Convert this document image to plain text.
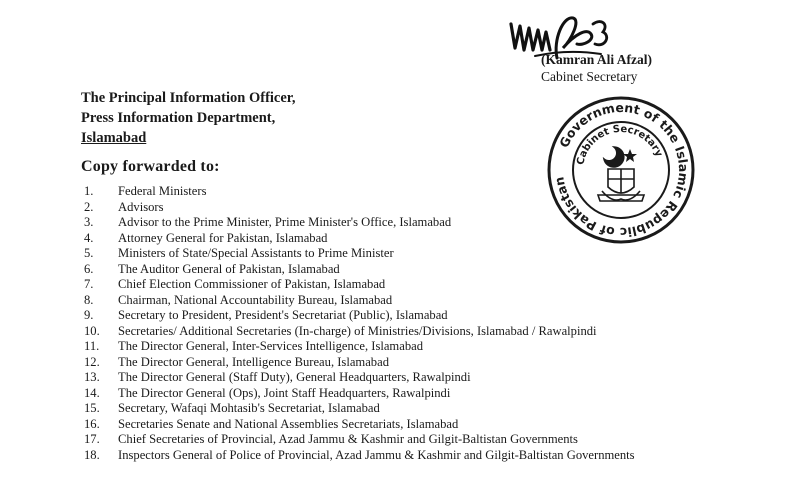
(Kamran Ali Afzal)
Cabinet Secretary
The Principal Information Officer,
Press Information Department,
Islamabad
Copy forwarded to:
1.	Federal Ministers
2.	Advisors
3.	Advisor to the Prime Minister, Prime Minister's Office, Islamabad
4.	Attorney General for Pakistan, Islamabad
5.	Ministers of State/Special Assistants to Prime Minister
6.	The Auditor General of Pakistan, Islamabad
7.	Chief Election Commissioner of Pakistan, Islamabad
8.	Chairman, National Accountability Bureau, Islamabad
9.	Secretary to President, President's Secretariat (Public), Islamabad
10.	Secretaries/ Additional Secretaries (In-charge) of Ministries/Divisions, Islamabad / Rawalpindi
11.	The Director General, Inter-Services Intelligence, Islamabad
12.	The Director General, Intelligence Bureau, Islamabad
13.	The Director General (Staff Duty), General Headquarters, Rawalpindi
14.	The Director General (Ops), Joint Staff Headquarters, Rawalpindi
15.	Secretary, Wafaqi Mohtasib's Secretariat, Islamabad
16.	Secretaries Senate and National Assemblies Secretariats, Islamabad
17.	Chief Secretaries of Provincial, Azad Jammu & Kashmir and Gilgit-Baltistan Governments
18.	Inspectors General of Police of Provincial, Azad Jammu & Kashmir and Gilgit-Baltistan Governments
Government of the Islamic Republic of Pakistan
Cabinet Secretary
